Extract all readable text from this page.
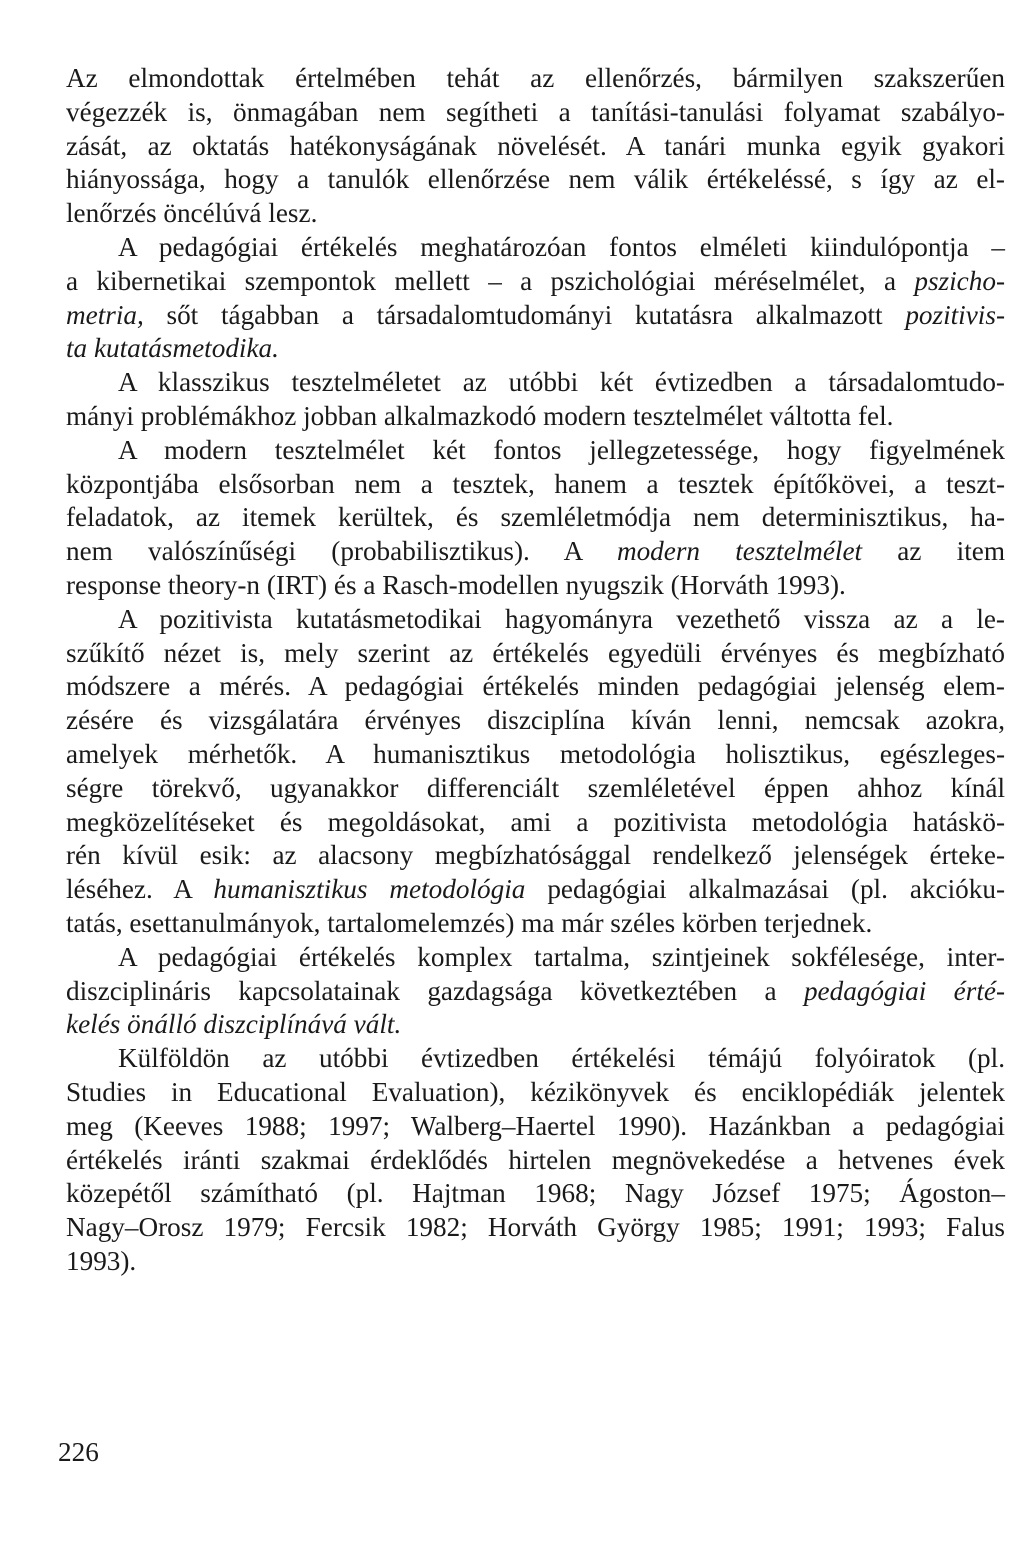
Az elmondottak értelmében tehát az ellenőrzés, bármilyen szakszerűen
végezzék is, önmagában nem segítheti a tanítási-tanulási folyamat szabályo-
zását, az oktatás hatékonyságának növelését. A tanári munka egyik gyakori
hiányossága, hogy a tanulók ellenőrzése nem válik értékeléssé, s így az el-
lenőrzés öncélúvá lesz.

A pedagógiai értékelés meghatározóan fontos elméleti kiindulópontja –
a kibernetikai szempontok mellett – a pszichológiai méréselmélet, a pszicho-
metria, sőt tágabban a társadalomtudományi kutatásra alkalmazott pozitivis-
ta kutatásmetodika.

A klasszikus tesztelméletet az utóbbi két évtizedben a társadalomtudo-
mányi problémákhoz jobban alkalmazkodó modern tesztelmélet váltotta fel.

A modern tesztelmélet két fontos jellegzetessége, hogy figyelmének
központjába elsősorban nem a tesztek, hanem a tesztek építőkövei, a teszt-
feladatok, az itemek kerültek, és szemléletmódja nem determinisztikus, ha-
nem valószínűségi (probabilisztikus). A modern tesztelmélet az item
response theory-n (IRT) és a Rasch-modellen nyugszik (Horváth 1993).

A pozitivista kutatásmetodikai hagyományra vezethető vissza az a le-
szűkítő nézet is, mely szerint az értékelés egyedüli érvényes és megbízható
módszere a mérés. A pedagógiai értékelés minden pedagógiai jelenség elem-
zésére és vizsgálatára érvényes diszciplína kíván lenni, nemcsak azokra,
amelyek mérhetők. A humanisztikus metodológia holisztikus, egészleges-
ségre törekvő, ugyanakkor differenciált szemléletével éppen ahhoz kínál
megközelítéseket és megoldásokat, ami a pozitivista metodológia hatáskö-
rén kívül esik: az alacsony megbízhatósággal rendelkező jelenségek érteke-
léséhez. A humanisztikus metodológia pedagógiai alkalmazásai (pl. akcióku-
tatás, esettanulmányok, tartalomelemzés) ma már széles körben terjednek.

A pedagógiai értékelés komplex tartalma, szintjeinek sokfélesége, inter-
diszciplináris kapcsolatainak gazdagsága következtében a pedagógiai érté-
kelés önálló diszciplínává vált.

Külföldön az utóbbi évtizedben értékelési témájú folyóiratok (pl.
Studies in Educational Evaluation), kézikönyvek és enciklopédiák jelentek
meg (Keeves 1988; 1997; Walberg–Haertel 1990). Hazánkban a pedagógiai
értékelés iránti szakmai érdeklődés hirtelen megnövekedése a hetvenes évek
közepétől számítható (pl. Hajtman 1968; Nagy József 1975; Ágoston–
Nagy–Orosz 1979; Fercsik 1982; Horváth György 1985; 1991; 1993; Falus
1993).

226
